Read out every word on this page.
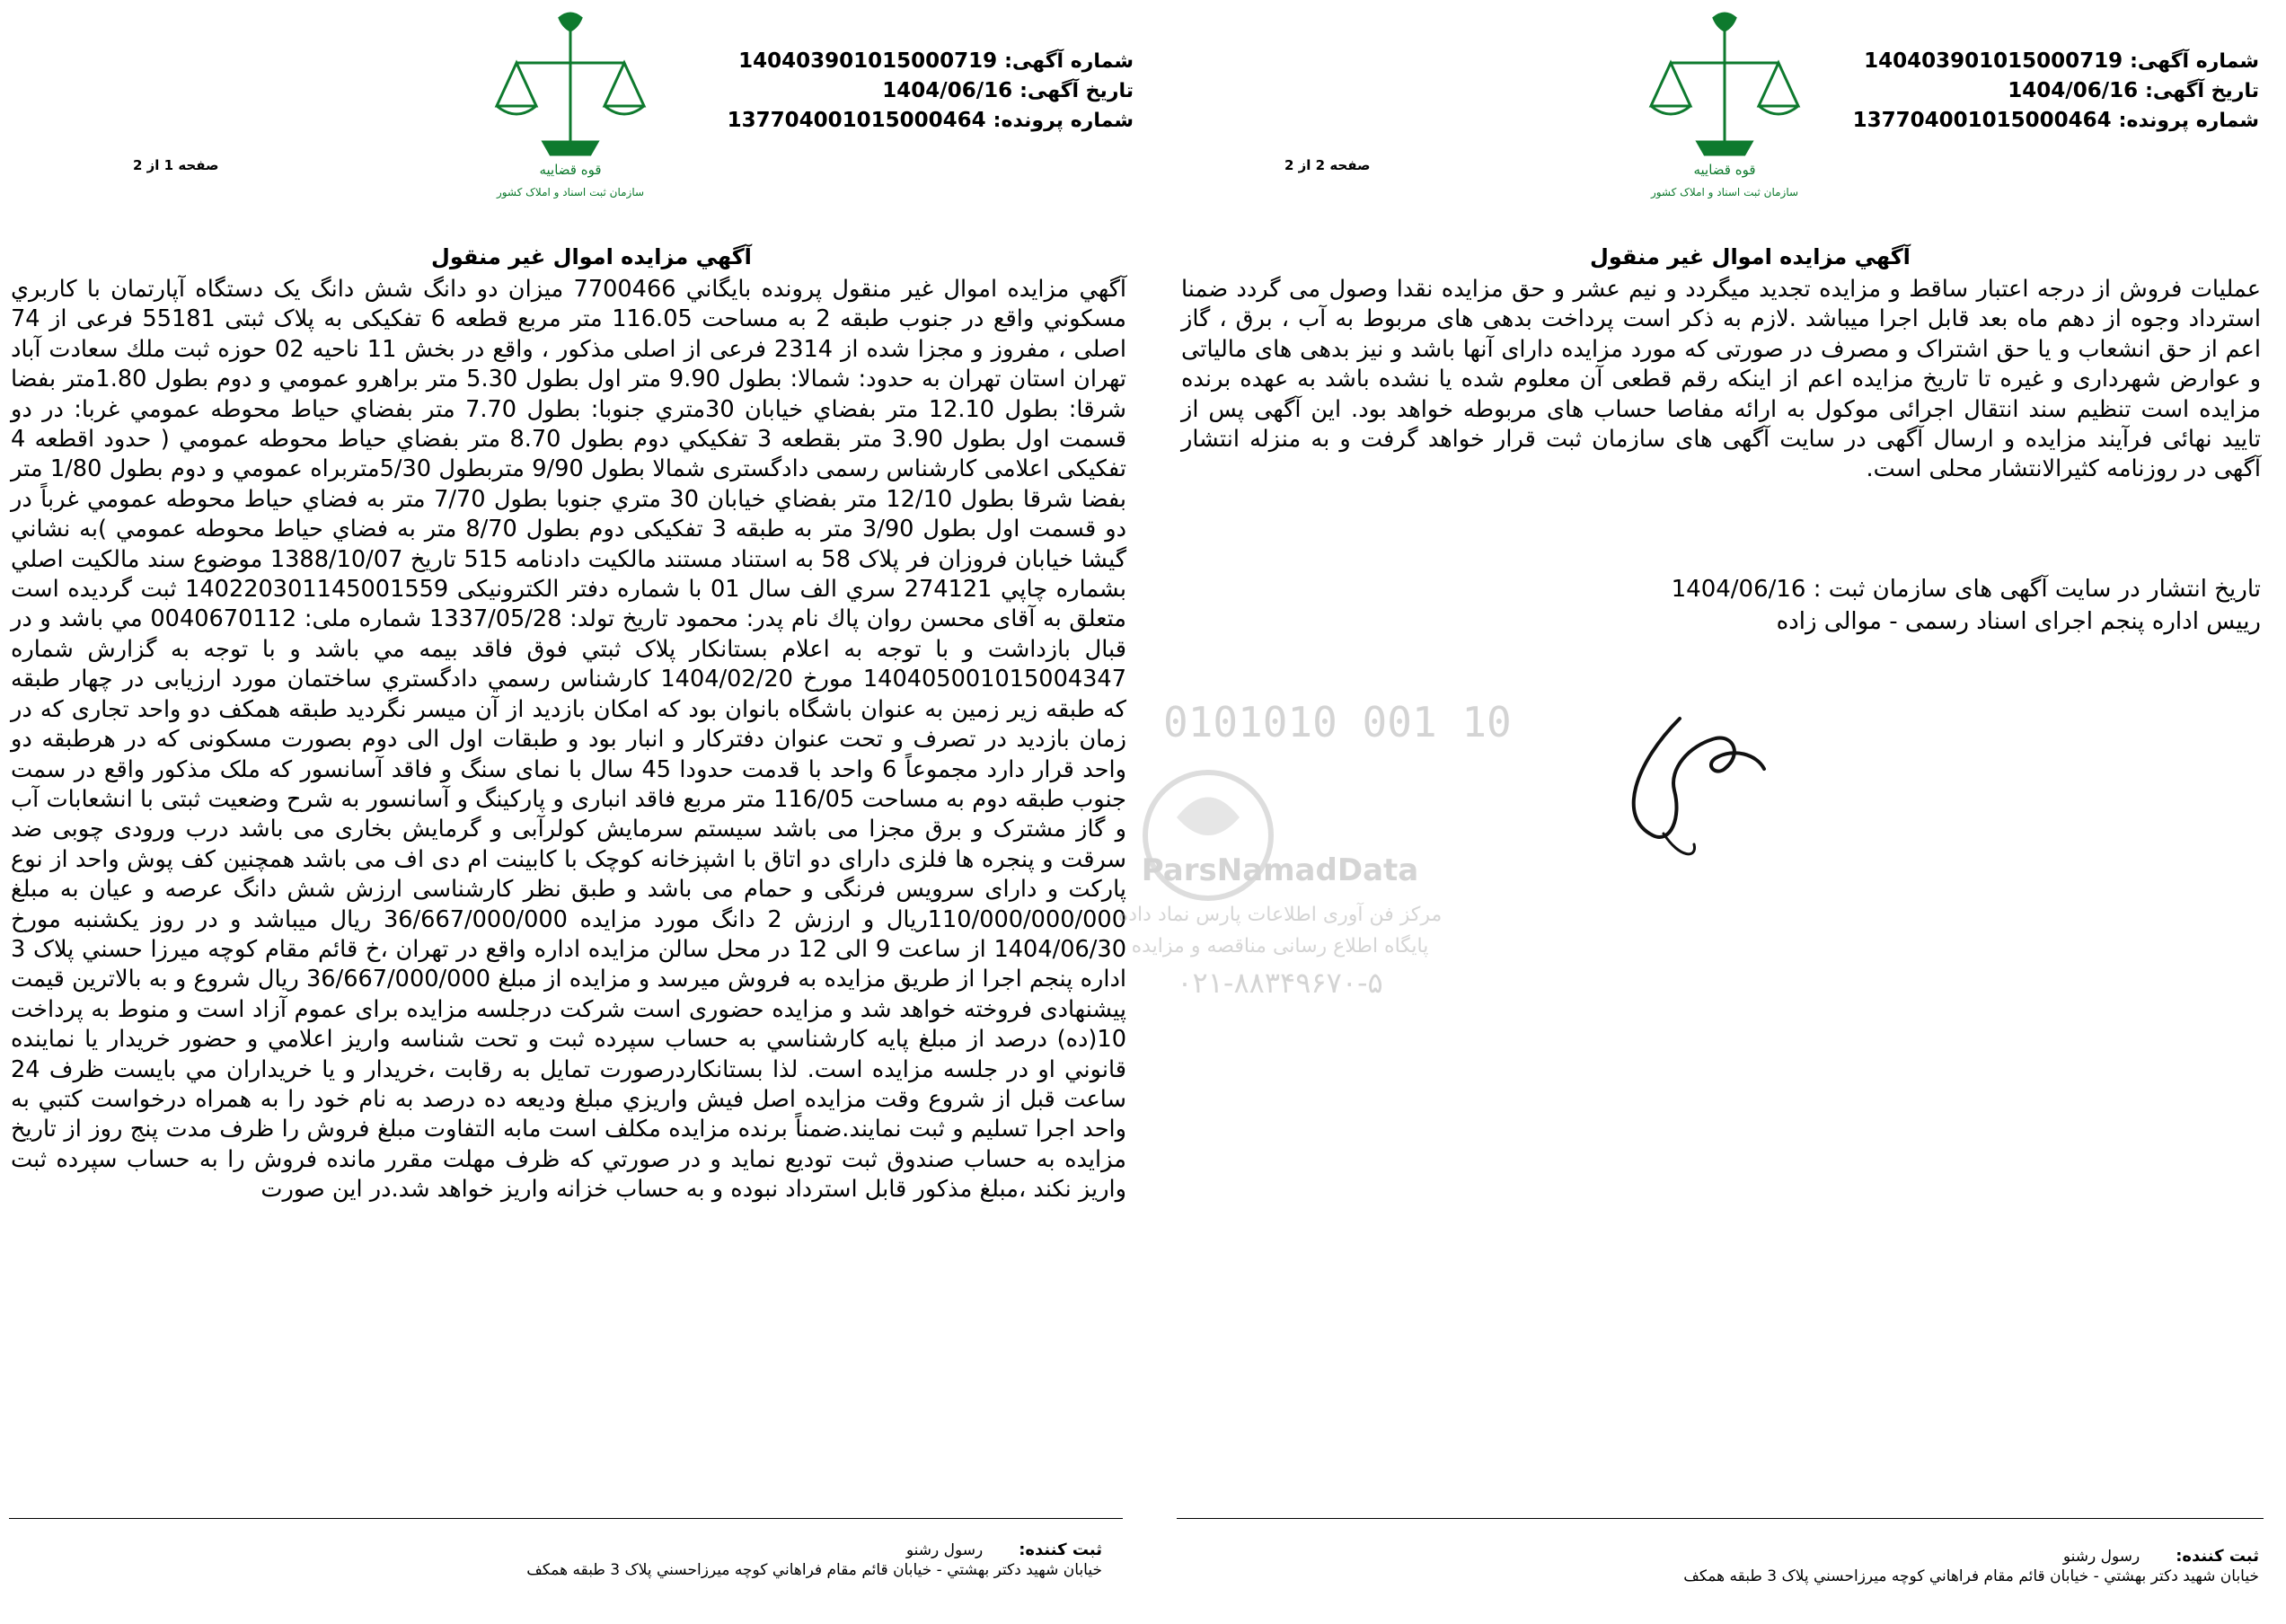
شماره آگهی:140403901015000719
تاریخ آگهی:1404/06/16
شماره پرونده:137704001015000464
قوه قضاییه
سازمان ثبت اسناد و املاک کشور
صفحه 1 از 2
آگهي مزايده اموال غير منقول

آگهي مزايده اموال غير منقول پرونده بايگاني 7700466 ميزان دو دانگ شش دانگ يک دستگاه آپارتمان با کاربري مسکوني واقع در جنوب طبقه 2 به مساحت 116.05 متر مربع قطعه 6 تفکيکی به پلاک ثبتی 55181 فرعی از 74 اصلی ، مفروز و مجزا شده از 2314 فرعی از اصلی مذکور ، واقع در بخش 11 ناحيه 02 حوزه ثبت ملك سعادت آباد تهران استان تهران به حدود: شمالا: بطول 9.90 متر اول بطول 5.30 متر براهرو عمومي و دوم بطول 1.80متر بفضا شرقا: بطول 12.10 متر بفضاي خيابان 30متري جنوبا: بطول 7.70 متر بفضاي حياط محوطه عمومي غربا: در دو قسمت اول بطول 3.90 متر بقطعه 3 تفکيکي دوم بطول 8.70 متر بفضاي حياط محوطه عمومي ( حدود اقطعه 4 تفکيکی اعلامی کارشناس رسمی دادگستری شمالا بطول 9/90 متربطول 5/30متربراه عمومي و دوم بطول 1/80 متر بفضا شرقا بطول 12/10 متر بفضاي خيابان 30 متري جنوبا بطول 7/70 متر به فضاي حياط محوطه عمومي غرباً در دو قسمت اول بطول 3/90 متر به طبقه 3 تفکيکی دوم بطول 8/70 متر به فضاي حياط محوطه عمومي )به نشاني گيشا خيابان فروزان فر پلاک 58 به استناد مستند مالکيت دادنامه 515 تاريخ 1388/10/07 موضوع سند مالکيت اصلي بشماره چاپي 274121 سري الف سال 01 با شماره دفتر الكترونيكی 140220301145001559 ثبت گرديده است متعلق به آقای محسن روان پاك نام پدر: محمود تاريخ تولد: 1337/05/28 شماره ملی: 0040670112 مي باشد و در قبال بازداشت و با توجه به اعلام بستانکار پلاک ثبتي فوق فاقد بيمه مي باشد و با توجه به گزارش شماره 140405001015004347 مورخ 1404/02/20 کارشناس رسمي دادگستري ساختمان مورد ارزيابی در چهار طبقه که طبقه زير زمين به عنوان باشگاه بانوان بود که امکان بازديد از آن ميسر نگرديد طبقه همکف دو واحد تجاری که در زمان بازديد در تصرف و تحت عنوان دفترکار و انبار بود و طبقات اول الی دوم بصورت مسکونی که در هرطبقه دو واحد قرار دارد مجموعاً 6 واحد با قدمت حدودا 45 سال با نمای سنگ و فاقد آسانسور که ملک مذکور واقع در سمت جنوب طبقه دوم به مساحت 116/05 متر مربع فاقد انباری و پارکينگ و آسانسور به شرح وضعيت ثبتی با انشعابات آب و گاز مشترک و برق مجزا می باشد سيستم سرمايش کولرآبی و گرمايش بخاری می باشد درب ورودی چوبی ضد سرقت و پنجره ها فلزی دارای دو اتاق با اشپزخانه کوچک با کابينت ام دی اف می باشد همچنين کف پوش واحد از نوع پارکت و دارای سرويس فرنگی و حمام می باشد و طبق نظر کارشناسی ارزش شش دانگ عرصه و عيان به مبلغ 110/000/000/000ريال و ارزش 2 دانگ مورد مزايده 36/667/000/000 ريال ميباشد و در روز يکشنبه مورخ 1404/06/30 از ساعت 9 الی 12 در محل سالن مزايده اداره واقع در تهران ،خ قائم مقام کوچه ميرزا حسني پلاک 3 اداره پنجم اجرا از طريق مزايده به فروش ميرسد و مزايده از مبلغ 36/667/000/000 ريال شروع و به بالاترين قيمت پيشنهادی فروخته خواهد شد و مزايده حضوری است شرکت درجلسه مزايده برای عموم آزاد است و منوط به پرداخت 10(ده) درصد از مبلغ پايه کارشناسي به حساب سپرده ثبت و تحت شناسه واريز اعلامي و حضور خريدار يا نماينده قانوني او در جلسه مزايده است. لذا بستانکاردرصورت تمايل به رقابت ،خريدار و يا خريداران مي بايست ظرف 24 ساعت قبل از شروع وقت مزايده اصل فيش واريزي مبلغ وديعه ده درصد به نام خود را به همراه درخواست کتبي به واحد اجرا تسليم و ثبت نمايند.ضمناً برنده مزايده مکلف است مابه التفاوت مبلغ فروش را ظرف مدت پنج روز از تاريخ مزايده به حساب صندوق ثبت توديع نمايد و در صورتي که ظرف مهلت مقرر مانده فروش را به حساب سپرده ثبت واريز نکند ،مبلغ مذکور قابل استرداد نبوده و به حساب خزانه واريز خواهد شد.در اين صورت

ثبت کننده:رسول رشنو
خيابان شهيد دکتر بهشتي - خيابان قائم مقام فراهاني کوچه ميرزاحسني پلاک 3 طبقه همکف
شماره آگهی:140403901015000719
تاریخ آگهی:1404/06/16
شماره پرونده:137704001015000464
قوه قضاییه
سازمان ثبت اسناد و املاک کشور
صفحه 2 از 2
آگهي مزايده اموال غير منقول

عمليات فروش از درجه اعتبار ساقط و مزايده تجديد ميگردد و نيم عشر و حق مزايده نقدا وصول می گردد ضمنا استرداد وجوه از دهم ماه بعد قابل اجرا ميباشد .لازم به ذکر است پرداخت بدهی های مربوط به آب ، برق ، گاز اعم از حق انشعاب و يا حق اشتراک و مصرف در صورتی که مورد مزايده دارای آنها باشد و نيز بدهی های مالياتی و عوارض شهرداری و غيره تا تاريخ مزايده اعم از اينکه رقم قطعی آن معلوم شده يا نشده باشد به عهده برنده مزايده است تنظيم سند انتقال اجرائی موکول به ارائه مفاصا حساب های مربوطه خواهد بود. اين آگهی پس از تاييد نهائی فرآيند مزايده و ارسال آگهی در سايت آگهی های سازمان ثبت قرار خواهد گرفت و به منزله انتشار آگهی در روزنامه کثيرالانتشار محلی است.

تاريخ انتشار در سايت آگهی های سازمان ثبت : 1404/06/16
رييس اداره پنجم اجرای اسناد رسمی - موالی زاده
ثبت کننده:رسول رشنو
خيابان شهيد دکتر بهشتي - خيابان قائم مقام فراهاني کوچه ميرزاحسني پلاک 3 طبقه همکف
0101010 001 10
ParsNamadData
مرکز فن آوری اطلاعات پارس نماد داده
پایگاه اطلاع رسانی مناقصه و مزایده
۰۲۱-۸۸۳۴۹۶۷۰-۵
